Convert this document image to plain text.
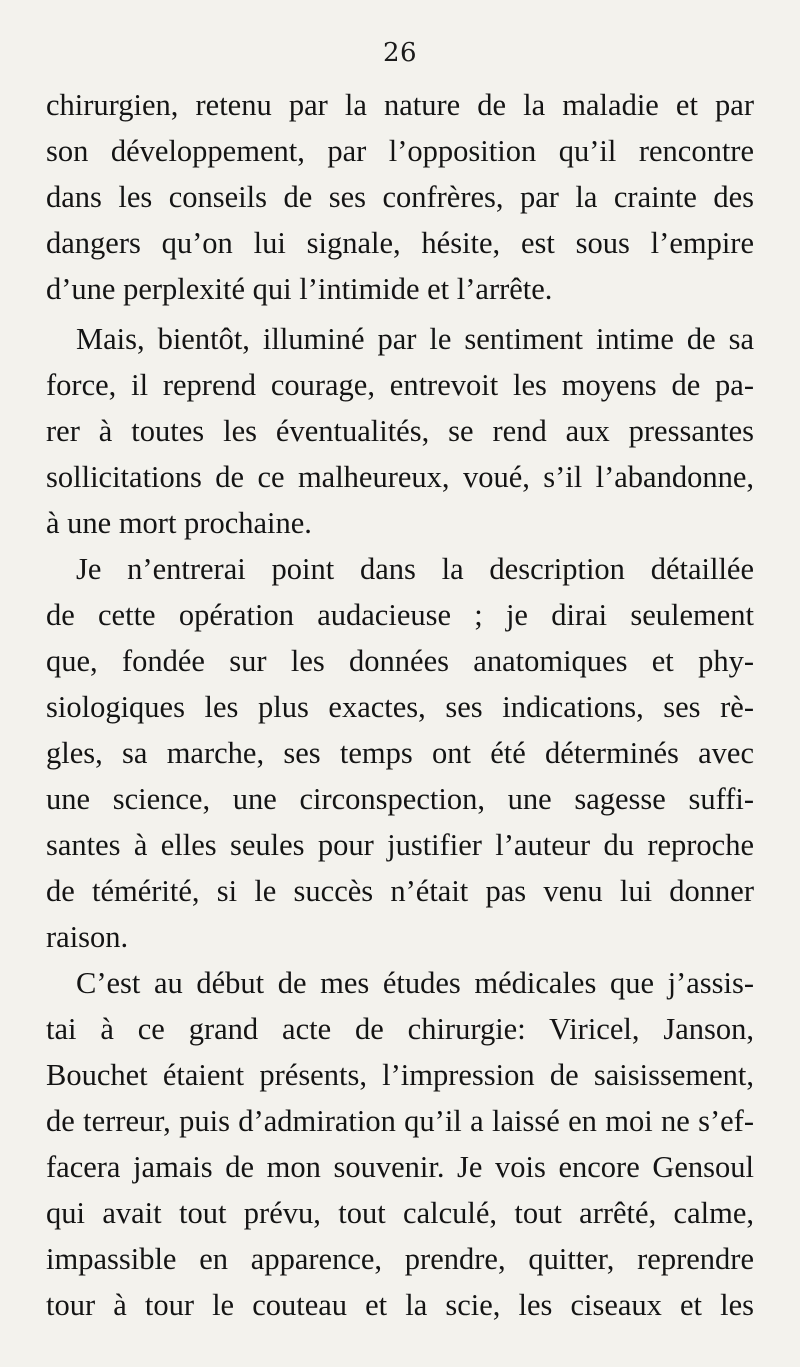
26
chirurgien, retenu par la nature de la maladie et par
son développement, par l’opposition qu’il rencontre
dans les conseils de ses confrères, par la crainte des
dangers qu’on lui signale, hésite, est sous l’empire
d’une perplexité qui l’intimide et l’arrête.
Mais, bientôt, illuminé par le sentiment intime de sa
force, il reprend courage, entrevoit les moyens de pa-
rer à toutes les éventualités, se rend aux pressantes
sollicitations de ce malheureux, voué, s’il l’abandonne,
à une mort prochaine.
Je n’entrerai point dans la description détaillée
de cette opération audacieuse ; je dirai seulement
que, fondée sur les données anatomiques et phy-
siologiques les plus exactes, ses indications, ses rè-
gles, sa marche, ses temps ont été déterminés avec
une science, une circonspection, une sagesse suffi-
santes à elles seules pour justifier l’auteur du reproche
de témérité, si le succès n’était pas venu lui donner
raison.
C’est au début de mes études médicales que j’assis-
tai à ce grand acte de chirurgie: Viricel, Janson,
Bouchet étaient présents, l’impression de saisissement,
de terreur, puis d’admiration qu’il a laissé en moi ne s’ef-
facera jamais de mon souvenir. Je vois encore Gensoul
qui avait tout prévu, tout calculé, tout arrêté, calme,
impassible en apparence, prendre, quitter, reprendre
tour à tour le couteau et la scie, les ciseaux et les
